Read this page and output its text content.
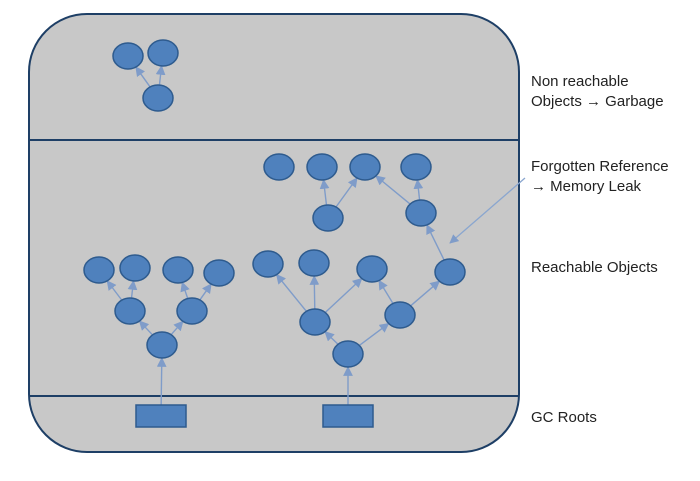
Non reachable
Objects → Garbage
Forgotten Reference
→ Memory Leak
Reachable Objects
GC Roots
